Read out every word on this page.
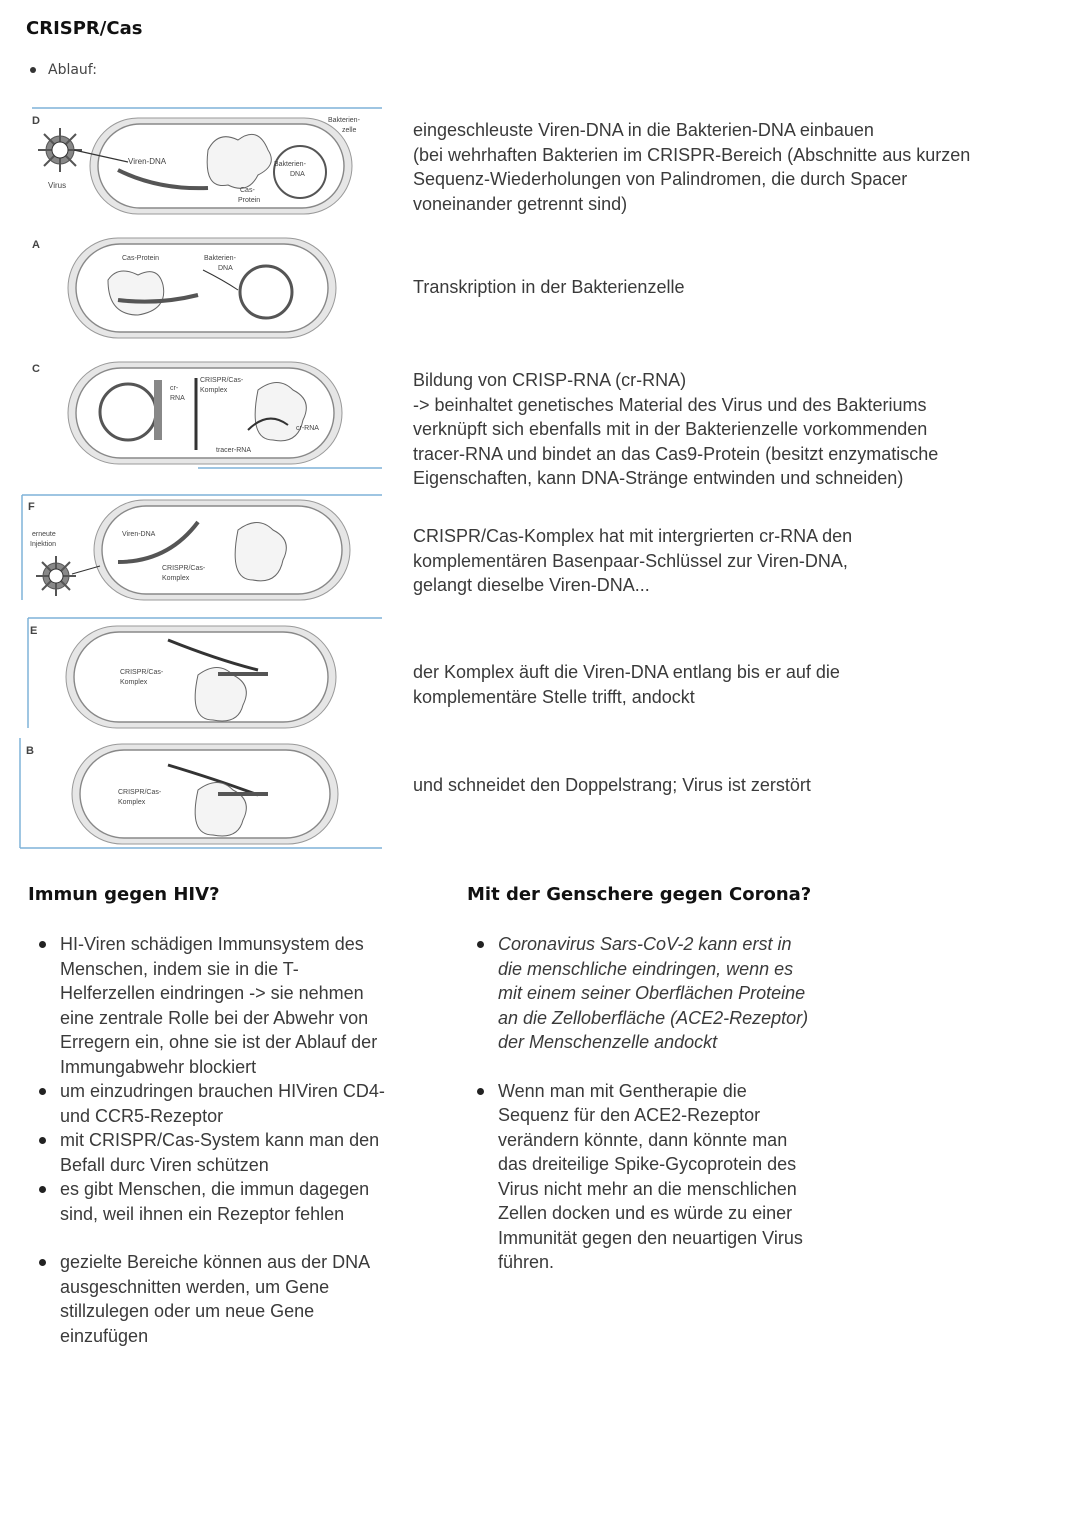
CRISPR/Cas
Ablauf:
D
Virus
Viren-DNA
Bakterien-
zelle
Bakterien-
DNA
Cas-
Protein
A
Cas-Protein	Bakterien-
DNA
C
cr-
RNA
CRISPR/Cas-
Komplex
cr-RNA
tracer-RNA
F
erneute
Injektion
Viren-DNA
CRISPR/Cas-
Komplex
E
CRISPR/Cas-
Komplex
B
CRISPR/Cas-
Komplex
eingeschleuste Viren-DNA in die Bakterien-DNA einbauen
(bei wehrhaften Bakterien im CRISPR-Bereich (Abschnitte aus kurzen Sequenz-Wiederholungen von Palindromen, die durch Spacer voneinander getrennt sind)
Transkription in der Bakterienzelle
Bildung von CRISP-RNA (cr-RNA)
-> beinhaltet genetisches Material des Virus und des Bakteriums verknüpft sich ebenfalls mit in der Bakterienzelle vorkommenden tracer-RNA und bindet an das Cas9-Protein (besitzt enzymatische Eigenschaften, kann DNA-Stränge entwinden und schneiden)
CRISPR/Cas-Komplex hat mit intergrierten cr-RNA den komplementären Basenpaar-Schlüssel zur Viren-DNA, gelangt dieselbe Viren-DNA...
der Komplex äuft die Viren-DNA entlang bis er auf die komplementäre Stelle trifft, andockt
und schneidet den Doppelstrang; Virus ist zerstört
Immun gegen HIV?
HI-Viren schädigen Immunsystem des Menschen, indem sie in die T-Helferzellen eindringen -> sie nehmen eine zentrale Rolle bei der Abwehr von Erregern ein, ohne sie ist der Ablauf der Immungabwehr blockiert
um einzudringen brauchen HIViren CD4- und CCR5-Rezeptor
mit CRISPR/Cas-System kann man den Befall durc Viren schützen
es gibt Menschen, die immun dagegen sind, weil ihnen ein Rezeptor fehlen
gezielte Bereiche können aus der DNA ausgeschnitten werden, um Gene stillzulegen oder um neue Gene einzufügen
Mit der Genschere gegen Corona?
Coronavirus Sars-CoV-2 kann erst in die menschliche eindringen, wenn es mit einem seiner Oberflächen Proteine an die Zelloberfläche (ACE2-Rezeptor) der Menschenzelle andockt
Wenn man mit Gentherapie die Sequenz für den ACE2-Rezeptor verändern könnte, dann könnte man das dreiteilige Spike-Gycoprotein des Virus nicht mehr an die menschlichen Zellen docken und es würde zu einer Immunität gegen den neuartigen Virus führen.
